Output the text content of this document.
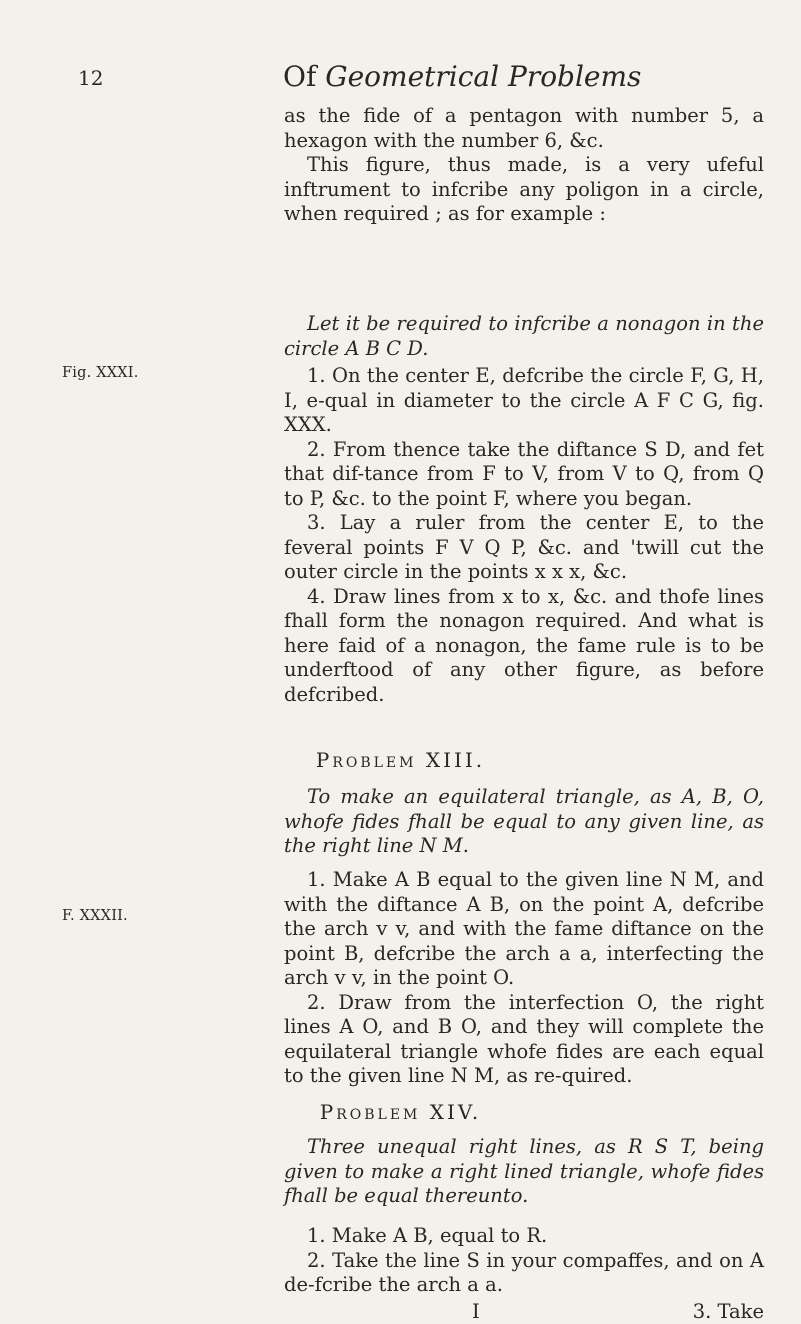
12	Of Geometrical Problems
Fig. XXXI.
F. XXXII.

as the fide of a pentagon with number 5, a hexagon with the number 6, &c.

This figure, thus made, is a very ufeful inftrument to infcribe any poligon in a circle, when required ; as for example :

Let it be required to infcribe a nonagon in the circle A B C D.

1. On the center E, defcribe the circle F, G, H, I, e-qual in diameter to the circle A F C G, fig. XXX.

2. From thence take the diftance S D, and fet that dif-tance from F to V, from V to Q, from Q to P, &c. to the point F, where you began.

3. Lay a ruler from the center E, to the feveral points F V Q P, &c. and 'twill cut the outer circle in the points x x x, &c.

4. Draw lines from x to x, &c. and thofe lines fhall form the nonagon required. And what is here faid of a nonagon, the fame rule is to be underftood of any other figure, as before defcribed.

Problem XIII.

To make an equilateral triangle, as A, B, O, whofe fides fhall be equal to any given line, as the right line N M.

1. Make A B equal to the given line N M, and with the diftance A B, on the point A, defcribe the arch v v, and with the fame diftance on the point B, defcribe the arch a a, interfecting the arch v v, in the point O.

2. Draw from the interfection O, the right lines A O, and B O, and they will complete the equilateral triangle whofe fides are each equal to the given line N M, as re-quired.

Problem XIV.

Three unequal right lines, as R S T, being given to make a right lined triangle, whofe fides fhall be equal thereunto.

1. Make A B, equal to R.

2. Take the line S in your compaffes, and on A de-fcribe the arch a a.

I	3. Take
